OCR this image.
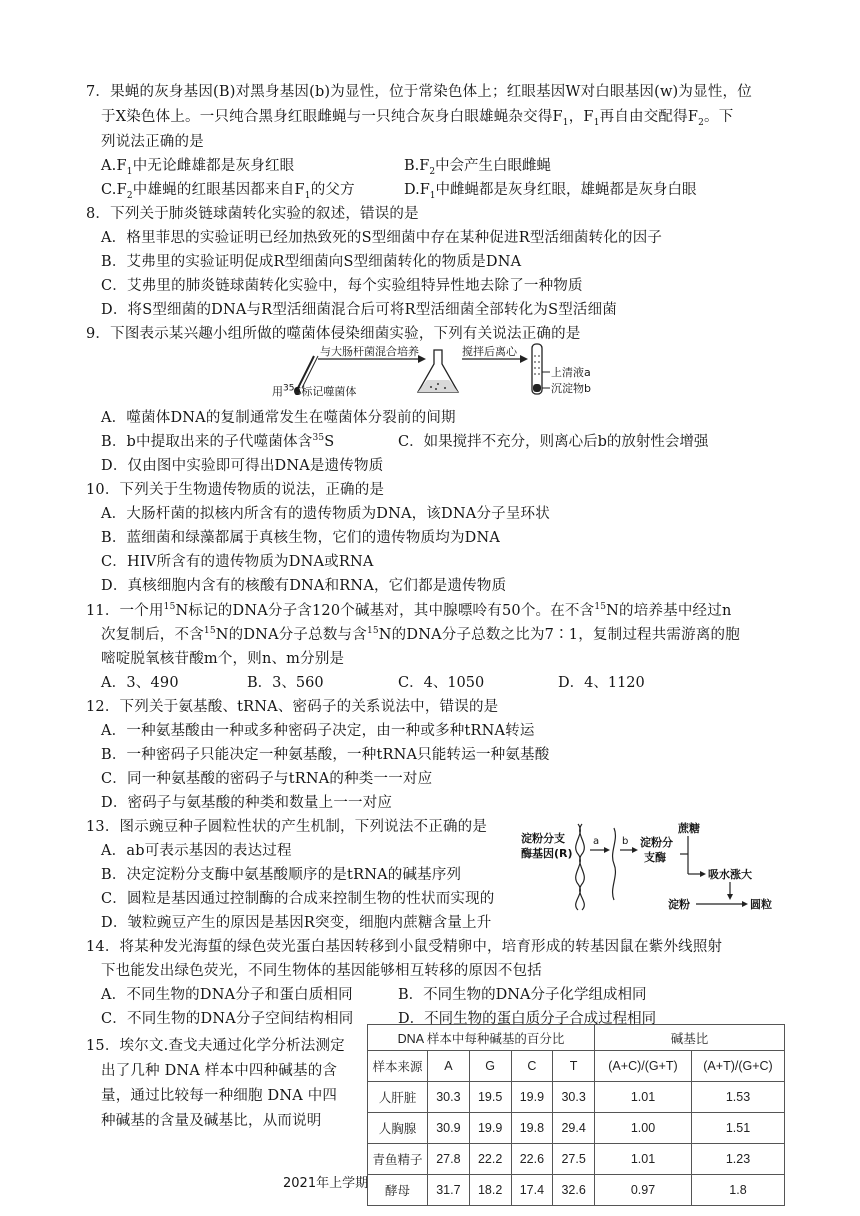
7．果蝇的灰身基因(B)对黑身基因(b)为显性，位于常染色体上；红眼基因W对白眼基因(w)为显性，位
于X染色体上。一只纯合黑身红眼雌蝇与一只纯合灰身白眼雄蝇杂交得$F_1$，$F_1$再自由交配得$F_2$。下
列说法正确的是
$A.F_1$中无论雌雄都是灰身红眼	$B.F_2$中会产生白眼雌蝇
$C.F_2$中雄蝇的红眼基因都来自$F_1$的父方	$D.F_1$中雌蝇都是灰身红眼，雄蝇都是灰身白眼
8．下列关于肺炎链球菌转化实验的叙述，错误的是
A．格里菲思的实验证明已经加热致死的S型细菌中存在某种促进R型活细菌转化的因子
B．艾弗里的实验证明促成R型细菌向S型细菌转化的物质是DNA
C．艾弗里的肺炎链球菌转化实验中，每个实验组特异性地去除了一种物质
D．将S型细菌的DNA与R型活细菌混合后可将R型活细菌全部转化为S型活细菌
9．下图表示某兴趣小组所做的噬菌体侵染细菌实验，下列有关说法正确的是
与大肠杆菌混合培养	搅拌后离心
上清液a
沉淀物b
用$^{35}$S标记噬菌体
A．噬菌体DNA的复制通常发生在噬菌体分裂前的间期
B．b中提取出来的子代噬菌体含$^{35}$S	C．如果搅拌不充分，则离心后b的放射性会增强
D．仅由图中实验即可得出DNA是遗传物质
10．下列关于生物遗传物质的说法，正确的是
A．大肠杆菌的拟核内所含有的遗传物质为DNA，该DNA分子呈环状
B．蓝细菌和绿藻都属于真核生物，它们的遗传物质均为DNA
C．HIV所含有的遗传物质为DNA或RNA
D．真核细胞内含有的核酸有DNA和RNA，它们都是遗传物质
11．一个用$^{15}$N标记的DNA分子含120个碱基对，其中腺嘌呤有50个。在不含$^{15}$N的培养基中经过n
次复制后，不含$^{15}$N的DNA分子总数与含$^{15}$N的DNA分子总数之比为7∶1，复制过程共需游离的胞
嘧啶脱氧核苷酸m个，则n、m分别是
A．3、490	B．3、560	C．4、1050	D．4、1120
12．下列关于氨基酸、tRNA、密码子的关系说法中，错误的是
A．一种氨基酸由一种或多种密码子决定，由一种或多种tRNA转运
B．一种密码子只能决定一种氨基酸，一种tRNA只能转运一种氨基酸
C．同一种氨基酸的密码子与tRNA的种类一一对应
D．密码子与氨基酸的种类和数量上一一对应
13．图示豌豆种子圆粒性状的产生机制，下列说法不正确的是
A．ab可表示基因的表达过程
B．决定淀粉分支酶中氨基酸顺序的是tRNA的碱基序列
C．圆粒是基因通过控制酶的合成来控制生物的性状而实现的
D．皱粒豌豆产生的原因是基因R突变，细胞内蔗糖含量上升
淀粉分支
酶基因(R)
a b 淀粉分
支酶
蔗糖
吸水涨大
淀粉	圆粒
14．将某种发光海蜇的绿色荧光蛋白基因转移到小鼠受精卵中，培育形成的转基因鼠在紫外线照射
下也能发出绿色荧光，不同生物体的基因能够相互转移的原因不包括
A．不同生物的DNA分子和蛋白质相同	B．不同生物的DNA分子化学组成相同
C．不同生物的DNA分子空间结构相同	D．不同生物的蛋白质分子合成过程相同
15．埃尔文.查戈夫通过化学分析法测定
出了几种 DNA 样本中四种碱基的含
量，通过比较每一种细胞 DNA 中四
种碱基的含量及碱基比，从而说明
DNA 样本中每种碱基的百分比					碱基比	
样本来源	A	G	C	T	(A+C)/(G+T)	(A+T)/(G+C)
人肝脏	30.3	19.5	19.9	30.3	1.01	1.53
人胸腺	30.9	19.9	19.8	29.4	1.00	1.51
青鱼精子	27.8	22.2	22.6	27.5	1.01	1.23
酵母	31.7	18.2	17.4	32.6	0.97	1.8
2021年上学期
